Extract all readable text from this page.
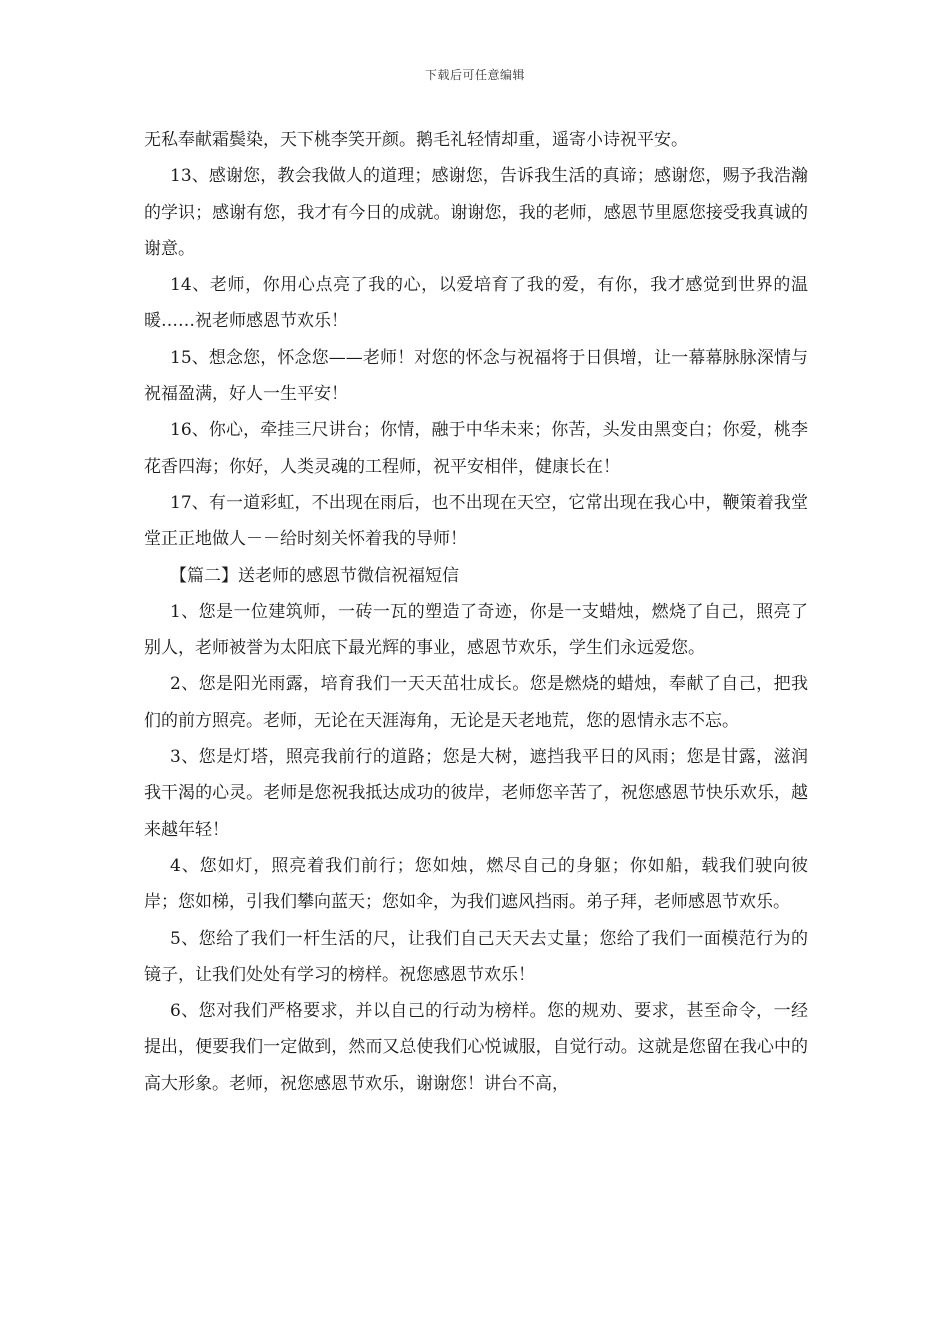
下载后可任意编辑

无私奉献霜鬓染，天下桃李笑开颜。鹅毛礼轻情却重，遥寄小诗祝平安。

13、感谢您，教会我做人的道理；感谢您，告诉我生活的真谛；感谢您，赐予我浩瀚的学识；感谢有您，我才有今日的成就。谢谢您，我的老师，感恩节里愿您接受我真诚的谢意。

14、老师，你用心点亮了我的心，以爱培育了我的爱，有你，我才感觉到世界的温暖……祝老师感恩节欢乐！

15、想念您，怀念您——老师！对您的怀念与祝福将于日俱增，让一幕幕脉脉深情与祝福盈满，好人一生平安！

16、你心，牵挂三尺讲台；你情，融于中华未来；你苦，头发由黑变白；你爱，桃李花香四海；你好，人类灵魂的工程师，祝平安相伴，健康长在！

17、有一道彩虹，不出现在雨后，也不出现在天空，它常出现在我心中，鞭策着我堂堂正正地做人－－给时刻关怀着我的导师！

【篇二】送老师的感恩节微信祝福短信

1、您是一位建筑师，一砖一瓦的塑造了奇迹，你是一支蜡烛，燃烧了自己，照亮了别人，老师被誉为太阳底下最光辉的事业，感恩节欢乐，学生们永远爱您。

2、您是阳光雨露，培育我们一天天茁壮成长。您是燃烧的蜡烛，奉献了自己，把我们的前方照亮。老师，无论在天涯海角，无论是天老地荒，您的恩情永志不忘。

3、您是灯塔，照亮我前行的道路；您是大树，遮挡我平日的风雨；您是甘露，滋润我干渴的心灵。老师是您祝我抵达成功的彼岸，老师您辛苦了，祝您感恩节快乐欢乐，越来越年轻！

4、您如灯，照亮着我们前行；您如烛，燃尽自己的身躯；你如船，载我们驶向彼岸；您如梯，引我们攀向蓝天；您如伞，为我们遮风挡雨。弟子拜，老师感恩节欢乐。

5、您给了我们一杆生活的尺，让我们自己天天去丈量；您给了我们一面模范行为的镜子，让我们处处有学习的榜样。祝您感恩节欢乐！

6、您对我们严格要求，并以自己的行动为榜样。您的规劝、要求，甚至命令，一经提出，便要我们一定做到，然而又总使我们心悦诚服，自觉行动。这就是您留在我心中的高大形象。老师，祝您感恩节欢乐，谢谢您！讲台不高，
